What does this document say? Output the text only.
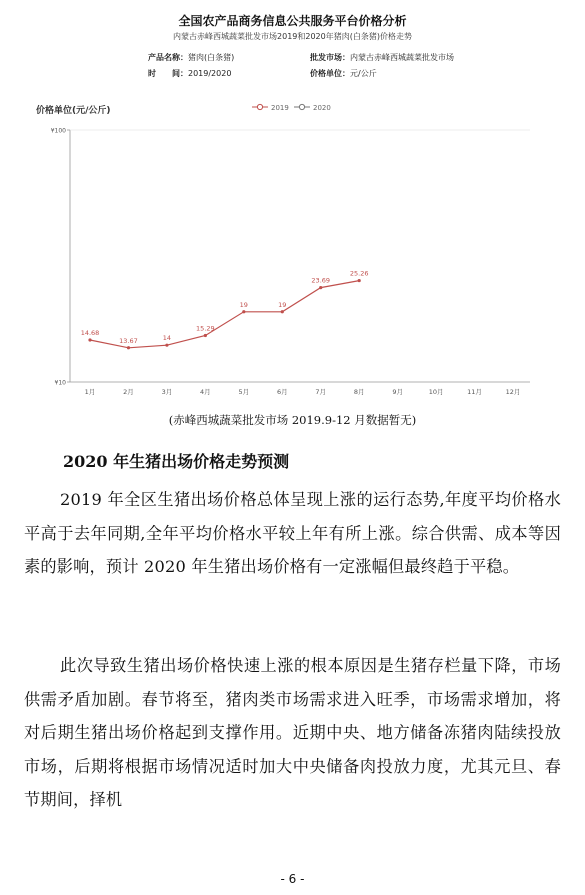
全国农产品商务信息公共服务平台价格分析
内蒙古赤峰西城蔬菜批发市场2019和2020年猪肉(白条猪)价格走势
产品名称：猪肉(白条猪)	批发市场：内蒙古赤峰西城蔬菜批发市场
时　　间：2019/2020	价格单位：元/公斤
价格单位(元/公斤)	2019	2020
¥100
¥10
1月	2月	3月	4月	5月	6月	7月	8月	9月	10月	11月	12月
14.68
13.67	14
15.29
19	19
23.69
25.26
(赤峰西城蔬菜批发市场 2019.9-12 月数据暂无)
2020 年生猪出场价格走势预测
2019 年全区生猪出场价格总体呈现上涨的运行态势,年度平均价格水平高于去年同期,全年平均价格水平较上年有所上涨。综合供需、成本等因素的影响，预计 2020 年生猪出场价格有一定涨幅但最终趋于平稳。
此次导致生猪出场价格快速上涨的根本原因是生猪存栏量下降，市场供需矛盾加剧。春节将至，猪肉类市场需求进入旺季，市场需求增加，将对后期生猪出场价格起到支撑作用。近期中央、地方储备冻猪肉陆续投放市场，后期将根据市场情况适时加大中央储备肉投放力度，尤其元旦、春节期间，择机
- 6 -
